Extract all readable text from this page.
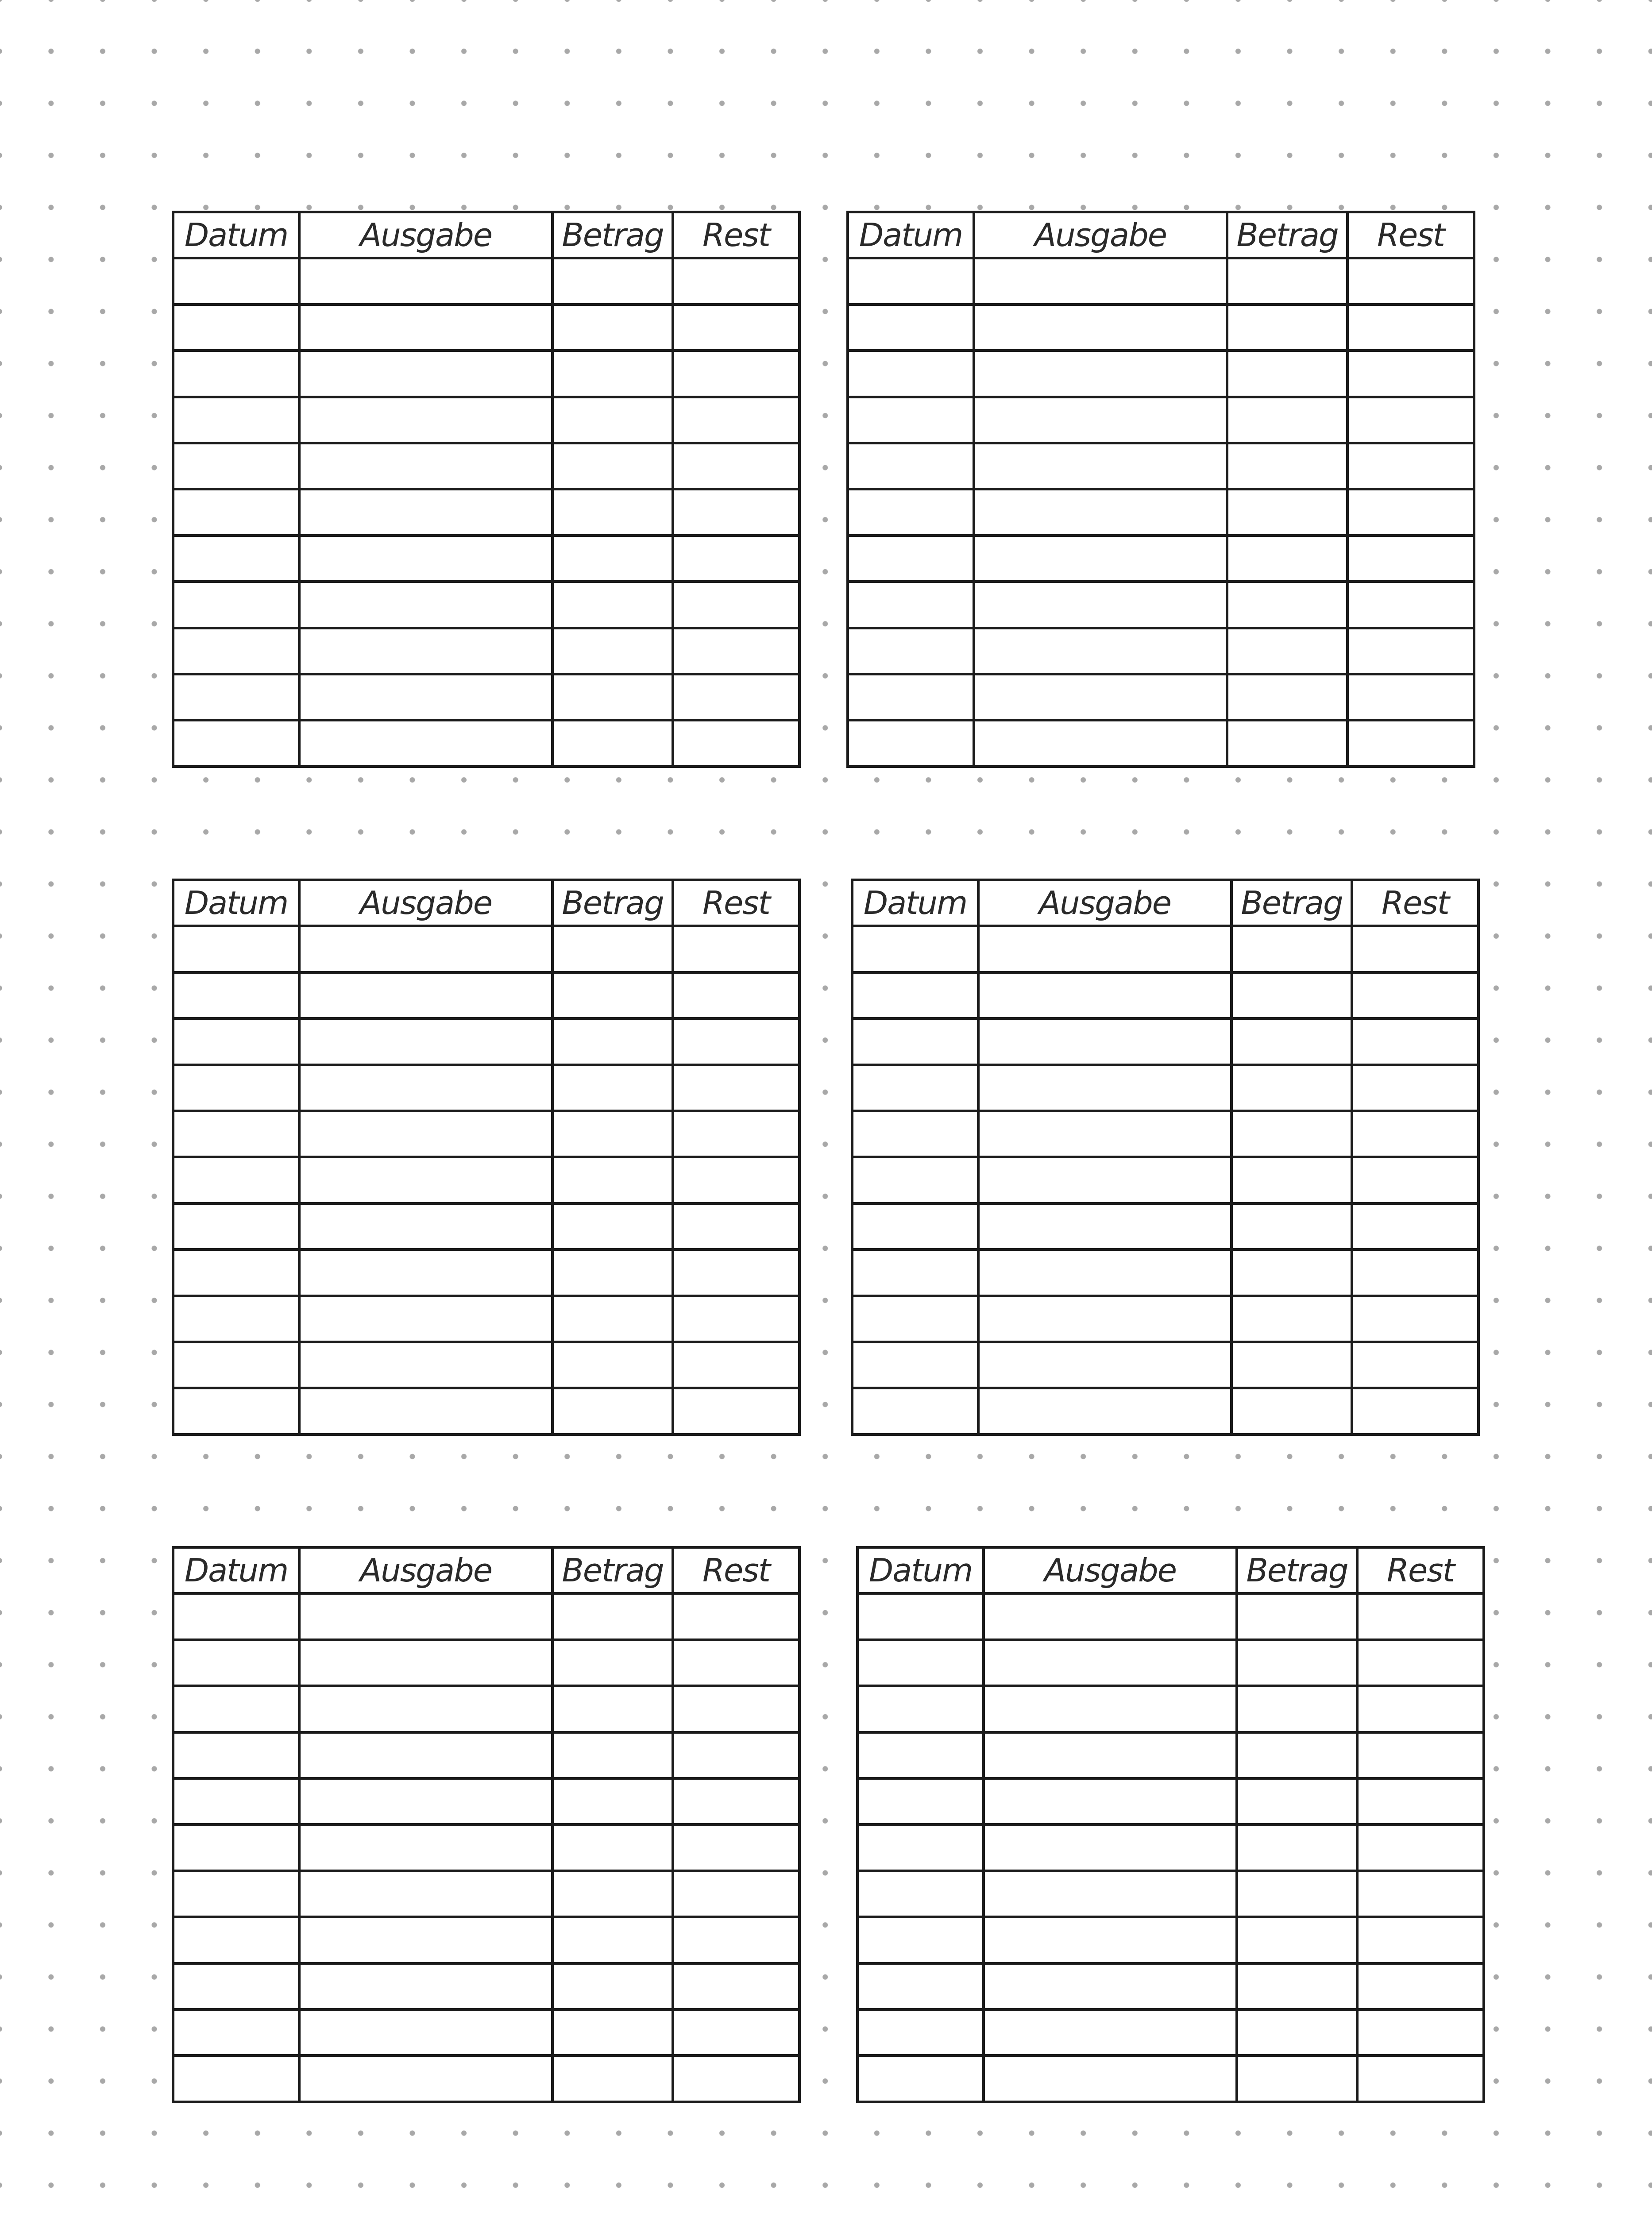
Datum	Ausgabe	Betrag	Rest

				Datum	Ausgabe	Betrag	Rest

Datum	Ausgabe	Betrag	Rest

				Datum	Ausgabe	Betrag	Rest

Datum	Ausgabe	Betrag	Rest

				Datum	Ausgabe	Betrag	Rest
